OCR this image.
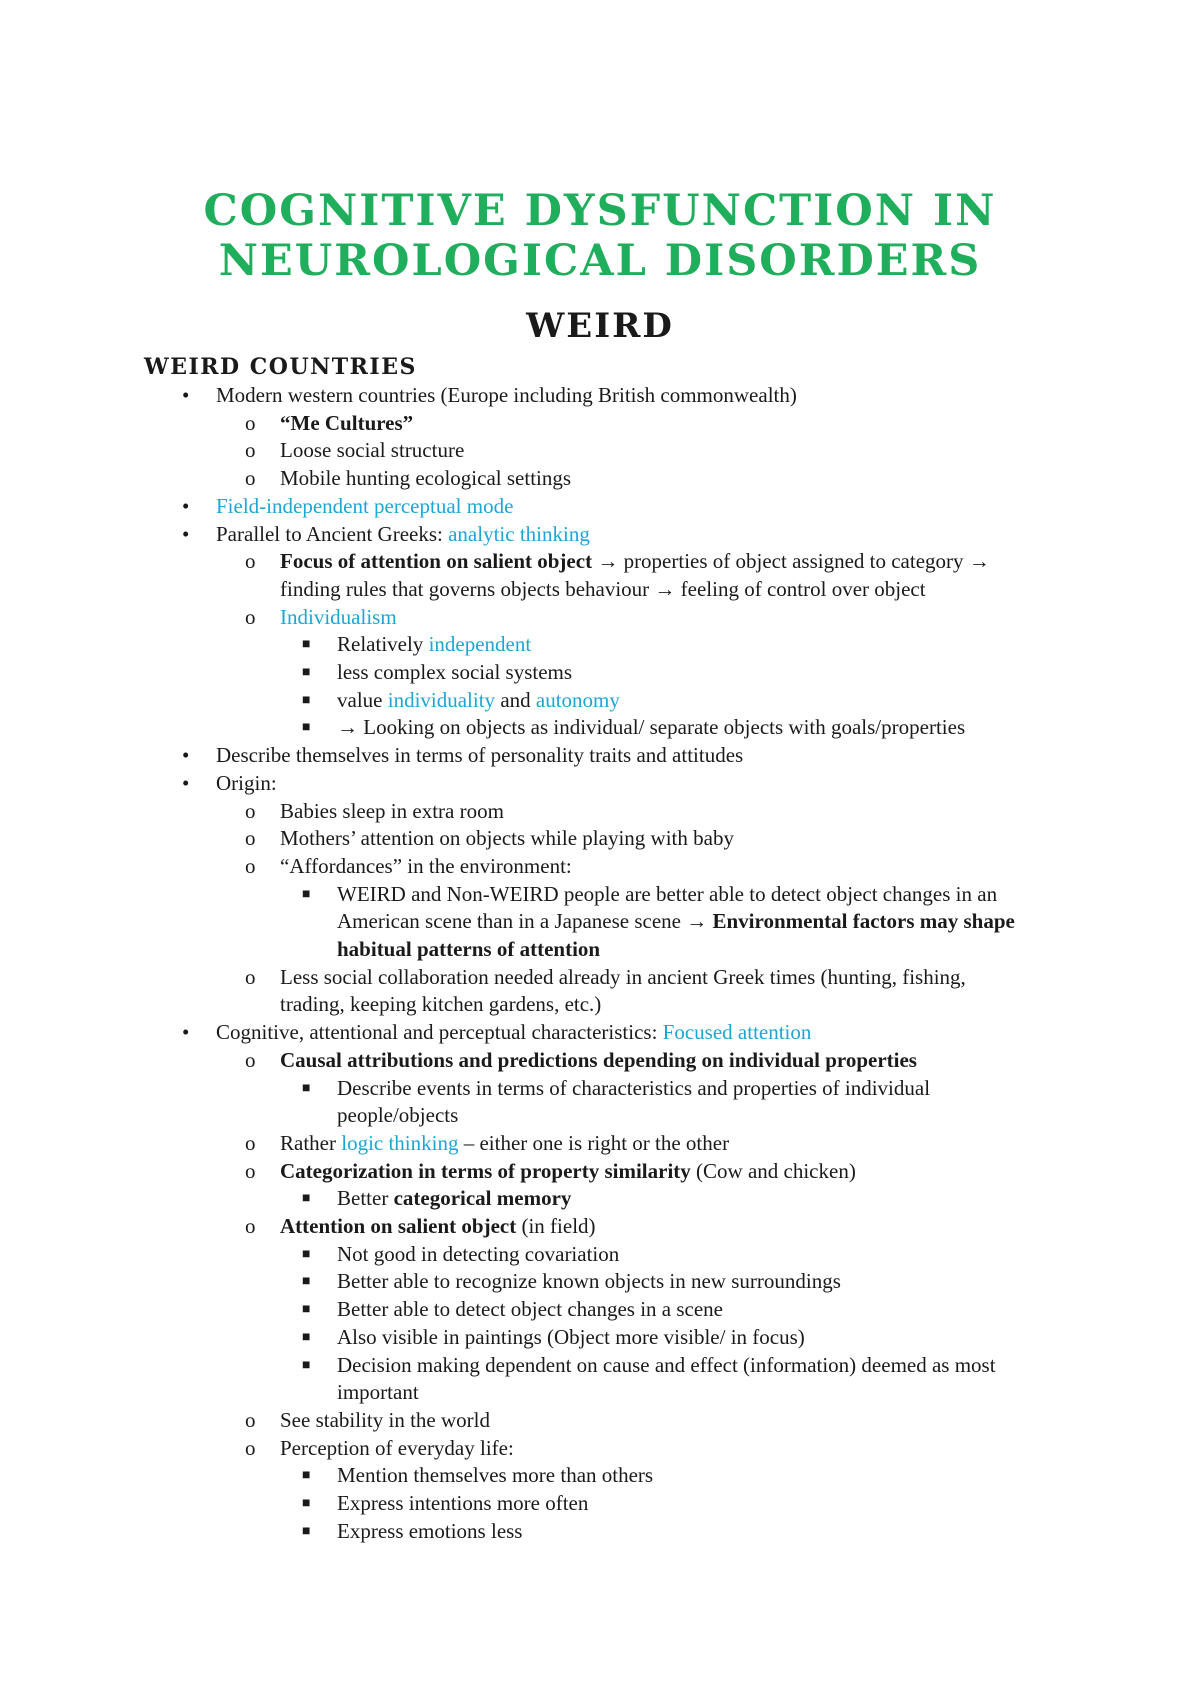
COGNITIVE DYSFUNCTION IN
NEUROLOGICAL DISORDERS
WEIRD
WEIRD COUNTRIES
• Modern western countries (Europe including British commonwealth)
o “Me Cultures”
o Loose social structure
o Mobile hunting ecological settings
• Field-independent perceptual mode
• Parallel to Ancient Greeks: analytic thinking
o Focus of attention on salient object → properties of object assigned to category →
finding rules that governs objects behaviour → feeling of control over object
o Individualism
■ Relatively independent
■ less complex social systems
■ value individuality and autonomy
■ → Looking on objects as individual/ separate objects with goals/properties
• Describe themselves in terms of personality traits and attitudes
• Origin:
o Babies sleep in extra room
o Mothers’ attention on objects while playing with baby
o “Affordances” in the environment:
■ WEIRD and Non-WEIRD people are better able to detect object changes in an
American scene than in a Japanese scene → Environmental factors may shape
habitual patterns of attention
o Less social collaboration needed already in ancient Greek times (hunting, fishing,
trading, keeping kitchen gardens, etc.)
• Cognitive, attentional and perceptual characteristics: Focused attention
o Causal attributions and predictions depending on individual properties
■ Describe events in terms of characteristics and properties of individual
people/objects
o Rather logic thinking – either one is right or the other
o Categorization in terms of property similarity (Cow and chicken)
■ Better categorical memory
o Attention on salient object (in field)
■ Not good in detecting covariation
■ Better able to recognize known objects in new surroundings
■ Better able to detect object changes in a scene
■ Also visible in paintings (Object more visible/ in focus)
■ Decision making dependent on cause and effect (information) deemed as most
important
o See stability in the world
o Perception of everyday life:
■ Mention themselves more than others
■ Express intentions more often
■ Express emotions less
